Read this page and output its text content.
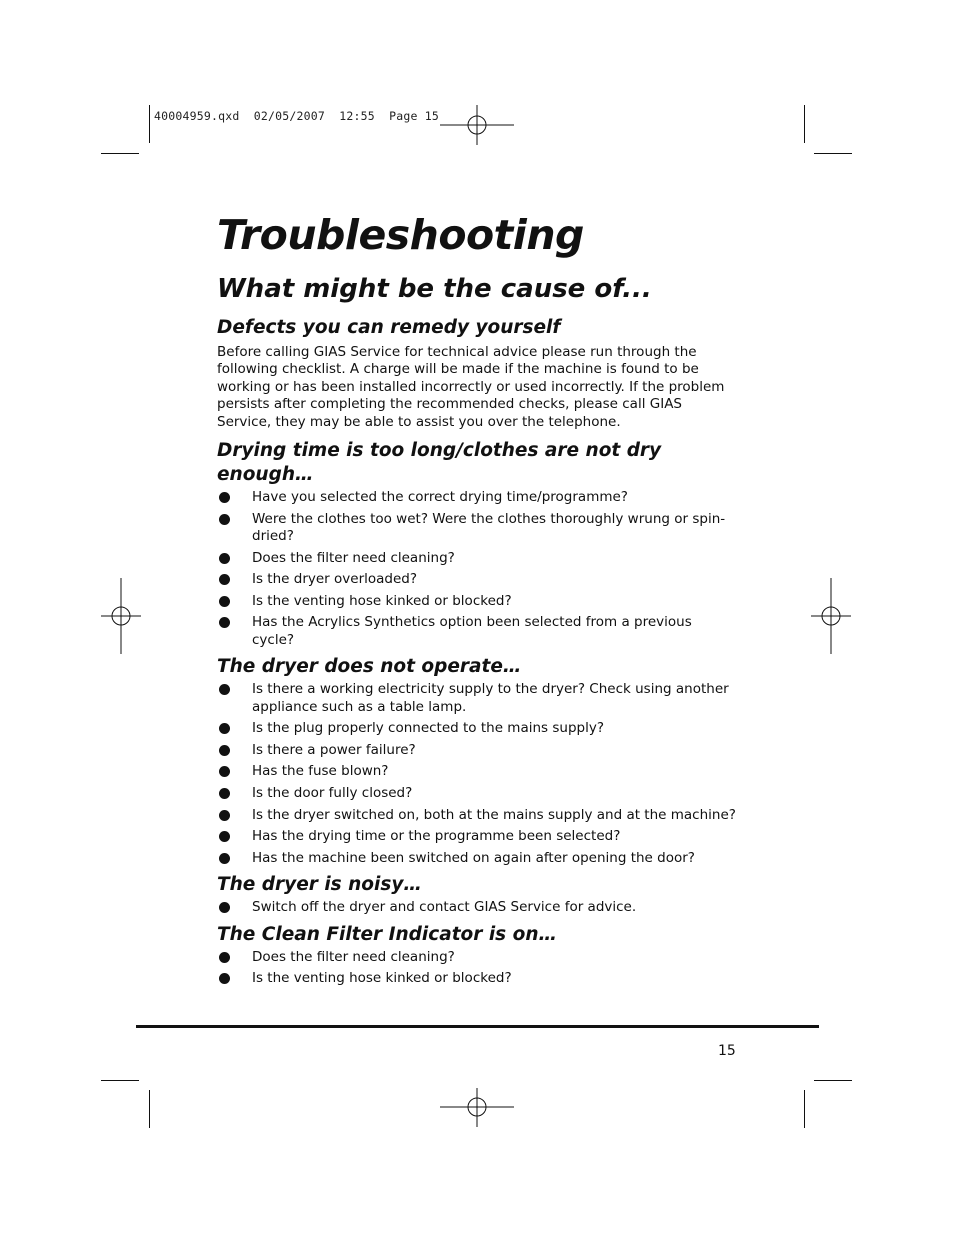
40004959.qxd  02/05/2007  12:55  Page 15
Troubleshooting
What might be the cause of...
Defects you can remedy yourself

Before calling GIAS Service for technical advice please run through the following checklist. A charge will be made if the machine is found to be working or has been installed incorrectly or used incorrectly. If the problem persists after completing the recommended checks, please call GIAS Service, they may be able to assist you over the telephone.

Drying time is too long/clothes are not dry enough…
Have you selected the correct drying time/programme?
Were the clothes too wet? Were the clothes thoroughly wrung or spin-dried?
Does the filter need cleaning?
Is the dryer overloaded?
Is the venting hose kinked or blocked?
Has the Acrylics Synthetics option been selected from a previous cycle?
The dryer does not operate…
Is there a working electricity supply to the dryer? Check using another appliance such as a table lamp.
Is the plug properly connected to the mains supply?
Is there a power failure?
Has the fuse blown?
Is the door fully closed?
Is the dryer switched on, both at the mains supply and at the machine?
Has the drying time or the programme been selected?
Has the machine been switched on again after opening the door?
The dryer is noisy…
Switch off the dryer and contact GIAS Service for advice.
The Clean Filter Indicator is on…
Does the filter need cleaning?
Is the venting hose kinked or blocked?
15
